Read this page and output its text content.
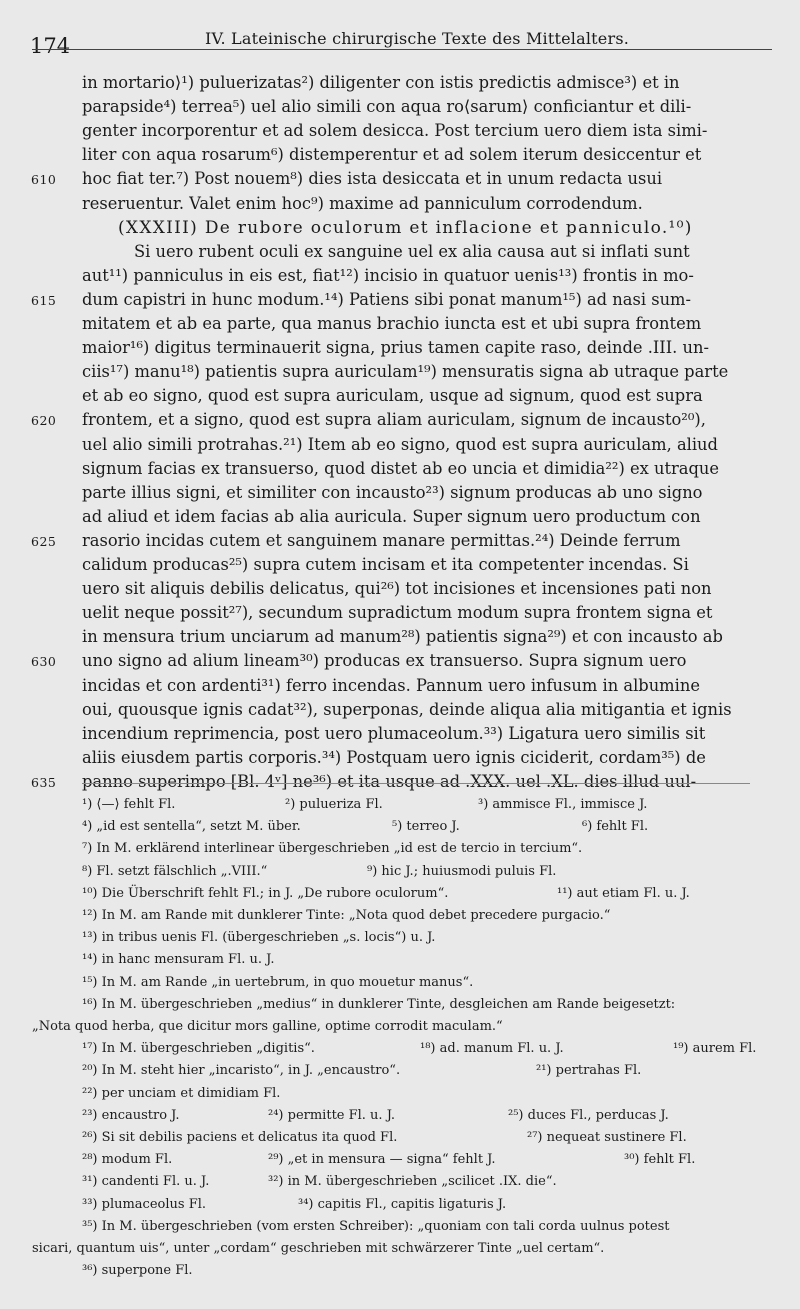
174	IV. Lateinische chirurgische Texte des Mittelalters.
in mortario⟩¹) puluerizatas²) diligenter con istis predictis admisce³) et in
parapside⁴) terrea⁵) uel alio simili con aqua ro⟨sarum⟩ conficiantur et dili-
genter incorporentur et ad solem desicca. Post tercium uero diem ista simi-
liter con aqua rosarum⁶) distemperentur et ad solem iterum desiccentur et
610 hoc fiat ter.⁷) Post nouem⁸) dies ista desiccata et in unum redacta usui
reseruentur. Valet enim hoc⁹) maxime ad panniculum corrodendum.
(XXXIII) De rubore oculorum et inflacione et panniculo.¹⁰)
Si uero rubent oculi ex sanguine uel ex alia causa aut si inflati sunt
aut¹¹) panniculus in eis est, fiat¹²) incisio in quatuor uenis¹³) frontis in mo-
615 dum capistri in hunc modum.¹⁴) Patiens sibi ponat manum¹⁵) ad nasi sum-
mitatem et ab ea parte, qua manus brachio iuncta est et ubi supra frontem
maior¹⁶) digitus terminauerit signa, prius tamen capite raso, deinde .III. un-
ciis¹⁷) manu¹⁸) patientis supra auriculam¹⁹) mensuratis signa ab utraque parte
et ab eo signo, quod est supra auriculam, usque ad signum, quod est supra
620 frontem, et a signo, quod est supra aliam auriculam, signum de incausto²⁰),
uel alio simili protrahas.²¹) Item ab eo signo, quod est supra auriculam, aliud
signum facias ex transuerso, quod distet ab eo uncia et dimidia²²) ex utraque
parte illius signi, et similiter con incausto²³) signum producas ab uno signo
ad aliud et idem facias ab alia auricula. Super signum uero productum con
625 rasorio incidas cutem et sanguinem manare permittas.²⁴) Deinde ferrum
calidum producas²⁵) supra cutem incisam et ita competenter incendas. Si
uero sit aliquis debilis delicatus, qui²⁶) tot incisiones et incensiones pati non
uelit neque possit²⁷), secundum supradictum modum supra frontem signa et
in mensura trium unciarum ad manum²⁸) patientis signa²⁹) et con incausto ab
630 uno signo ad alium lineam³⁰) producas ex transuerso. Supra signum uero
incidas et con ardenti³¹) ferro incendas. Pannum uero infusum in albumine
oui, quousque ignis cadat³²), superponas, deinde aliqua alia mitigantia et ignis
incendium reprimencia, post uero plumaceolum.³³) Ligatura uero similis sit
aliis eiusdem partis corporis.³⁴) Postquam uero ignis ciciderit, cordam³⁵) de
635 panno superimpo [Bl. 4ᵛ] ne³⁶) et ita usque ad .XXX. uel .XL. dies illud uul-
¹) ⟨—⟩ fehlt Fl.	²) pulueriza Fl.	³) ammisce Fl., immisce J.
⁴) „id est sentella“, setzt M. über.	⁵) terreo J.	⁶) fehlt Fl.
⁷) In M. erklärend interlinear übergeschrieben „id est de tercio in tercium“.
⁸) Fl. setzt fälschlich „.VIII.“	⁹) hic J.; huiusmodi puluis Fl.
¹⁰) Die Überschrift fehlt Fl.; in J. „De rubore oculorum“.	¹¹) aut etiam Fl. u. J.
¹²) In M. am Rande mit dunklerer Tinte: „Nota quod debet precedere purgacio.“
¹³) in tribus uenis Fl. (übergeschrieben „s. locis“) u. J.
¹⁴) in hanc mensuram Fl. u. J.
¹⁵) In M. am Rande „in uertebrum, in quo mouetur manus“.
¹⁶) In M. übergeschrieben „medius“ in dunklerer Tinte, desgleichen am Rande beigesetzt:
„Nota quod herba, que dicitur mors galline, optime corrodit maculam.“
¹⁷) In M. übergeschrieben „digitis“.	¹⁸) ad. manum Fl. u. J.	¹⁹) aurem Fl.
²⁰) In M. steht hier „incaristo“, in J. „encaustro“.	²¹) pertrahas Fl.
²²) per unciam et dimidiam Fl.
²³) encaustro J.	²⁴) permitte Fl. u. J.	²⁵) duces Fl., perducas J.
²⁶) Si sit debilis paciens et delicatus ita quod Fl.	²⁷) nequeat sustinere Fl.
²⁸) modum Fl.	²⁹) „et in mensura — signa“ fehlt J.	³⁰) fehlt Fl.
³¹) candenti Fl. u. J.	³²) in M. übergeschrieben „scilicet .IX. die“.
³³) plumaceolus Fl.	³⁴) capitis Fl., capitis ligaturis J.
³⁵) In M. übergeschrieben (vom ersten Schreiber): „quoniam con tali corda uulnus potest
sicari, quantum uis“, unter „cordam“ geschrieben mit schwärzerer Tinte „uel certam“.
³⁶) superpone Fl.
